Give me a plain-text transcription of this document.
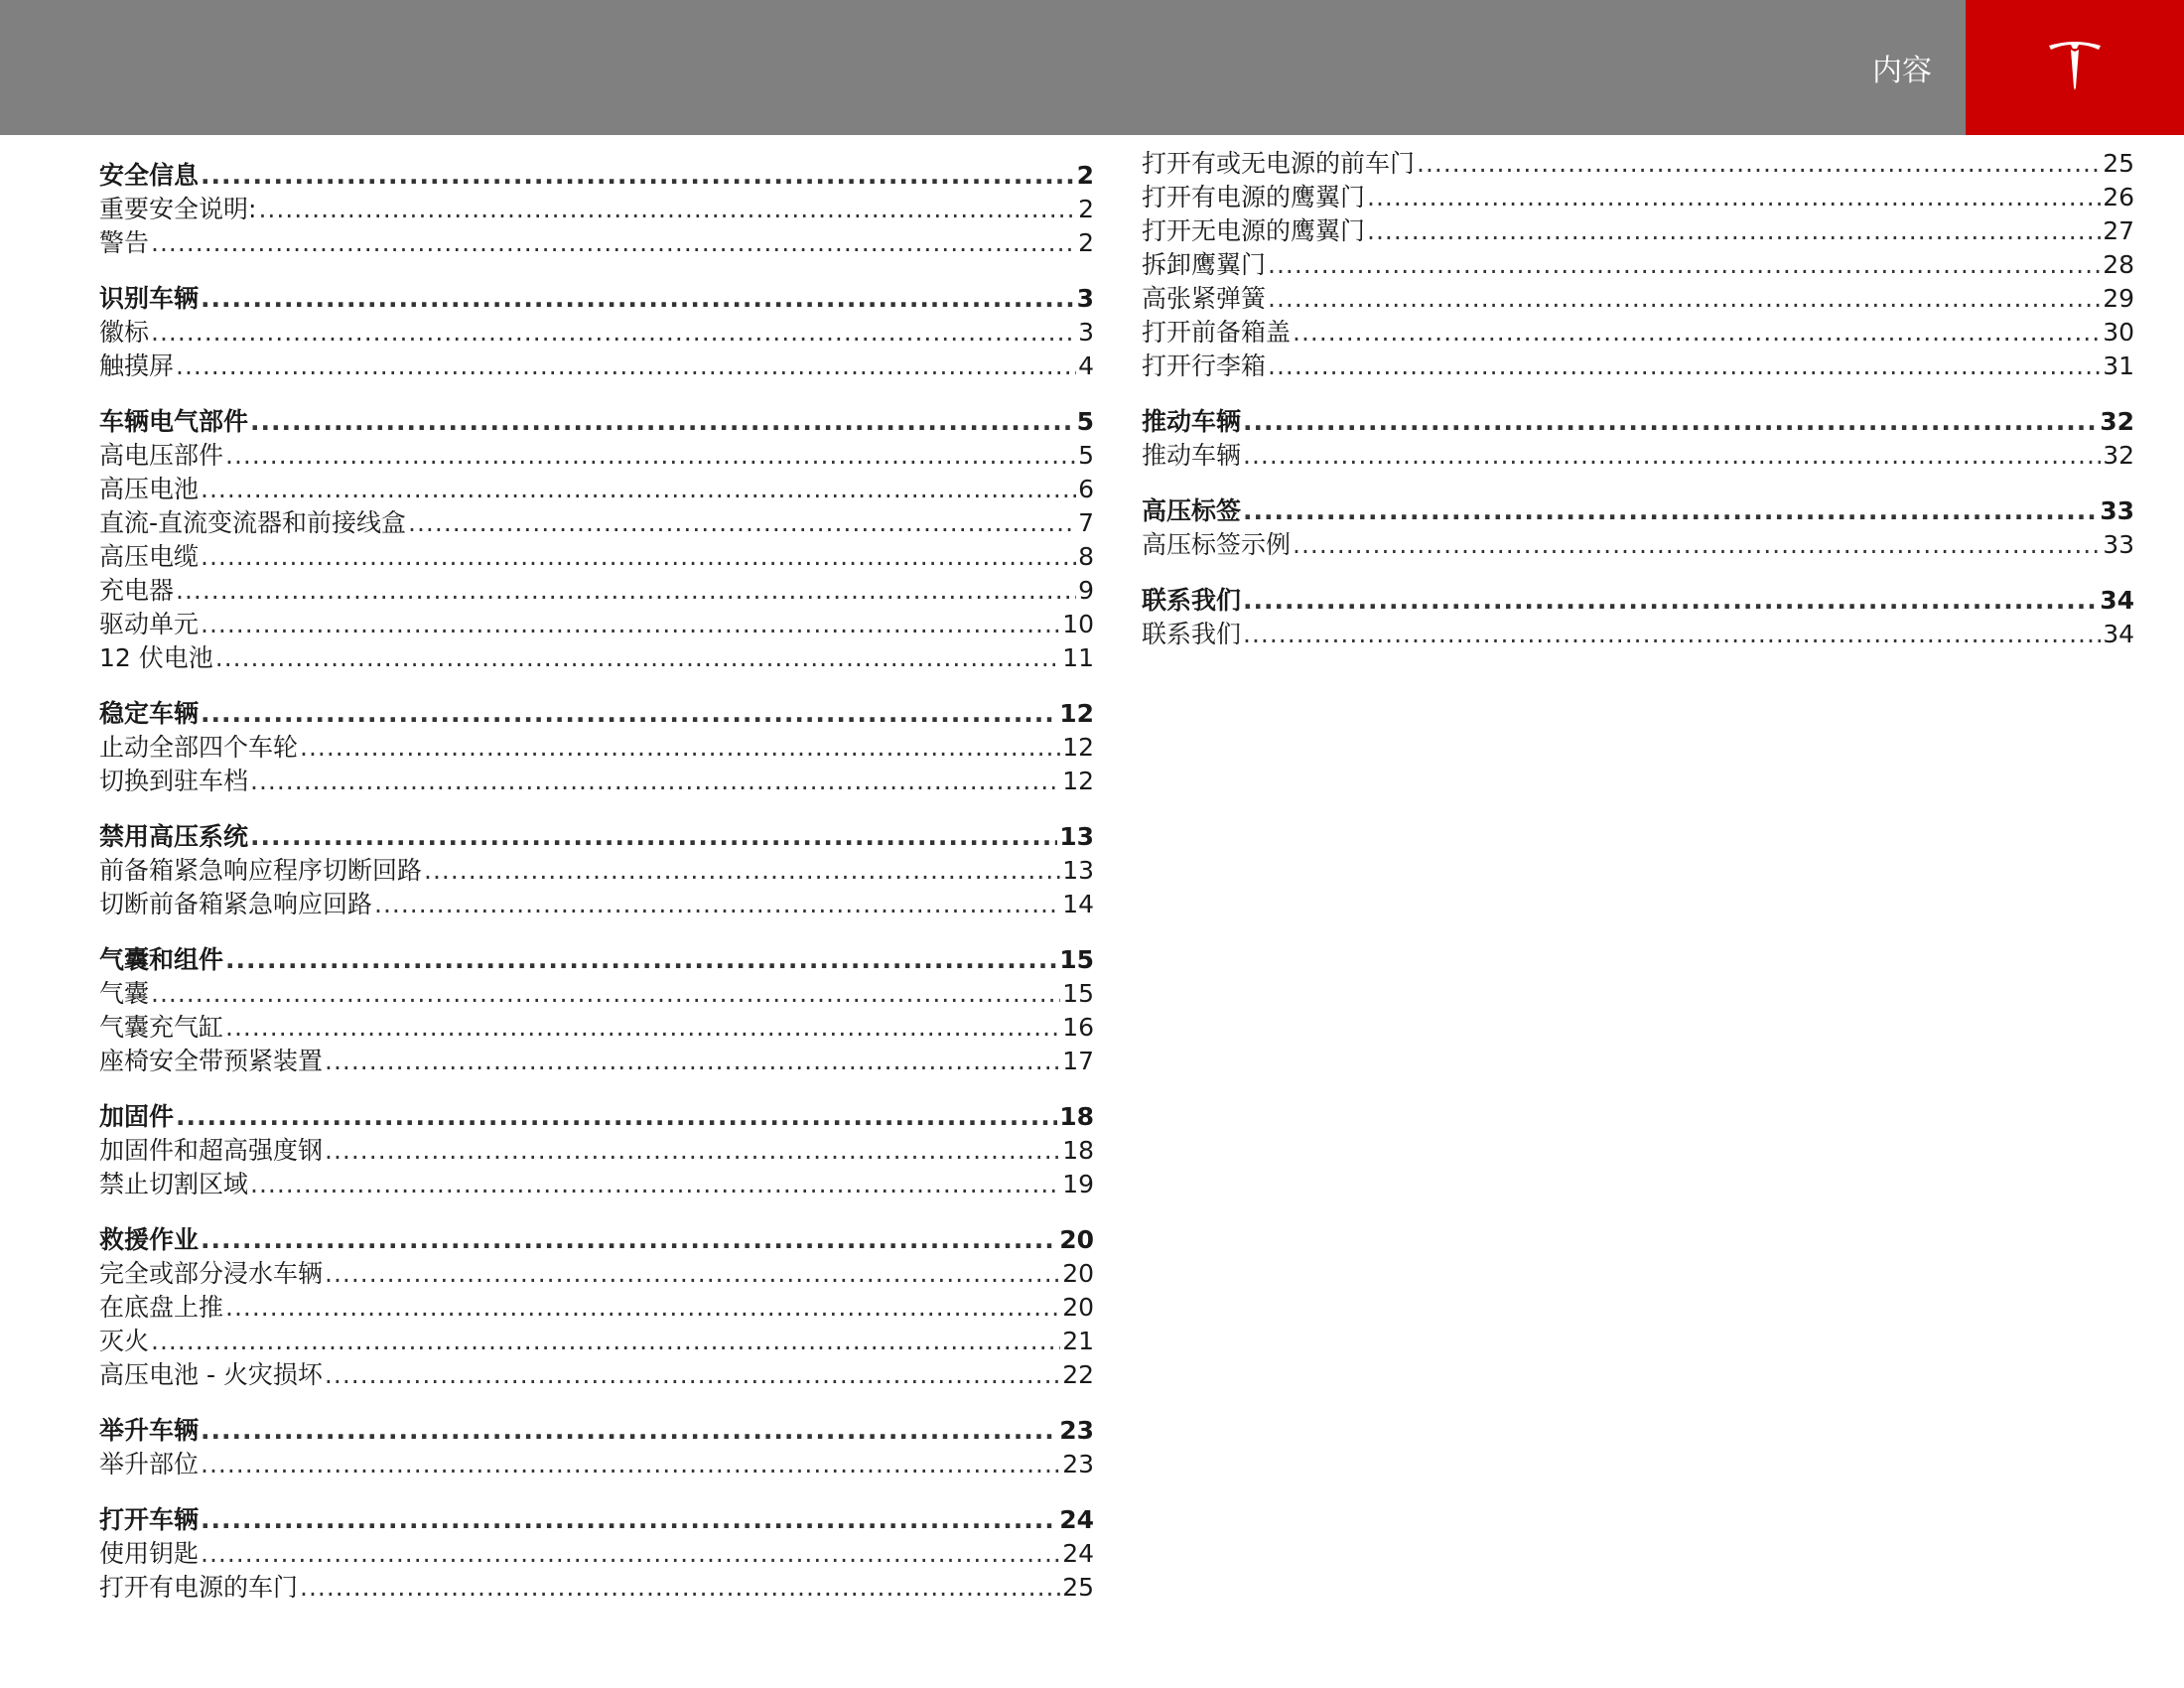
内容
安全信息 .....	2
重要安全说明: .....	2
警告 .....	2
识别车辆 .....	3
徽标 .....	3
触摸屏 .....	4
车辆电气部件 .....	5
高电压部件 .....	5
高压电池 .....	6
直流-直流变流器和前接线盒 .....	7
高压电缆 .....	8
充电器 .....	9
驱动单元 .....	10
12 伏电池 .....	11
稳定车辆 .....	12
止动全部四个车轮 .....	12
切换到驻车档 .....	12
禁用高压系统 .....	13
前备箱紧急响应程序切断回路 .....	13
切断前备箱紧急响应回路 .....	14
气囊和组件 .....	15
气囊 .....	15
气囊充气缸 .....	16
座椅安全带预紧装置 .....	17
加固件 .....	18
加固件和超高强度钢 .....	18
禁止切割区域 .....	19
救援作业 .....	20
完全或部分浸水车辆 .....	20
在底盘上推 .....	20
灭火 .....	21
高压电池 - 火灾损坏 .....	22
举升车辆 .....	23
举升部位 .....	23
打开车辆 .....	24
使用钥匙 .....	24
打开有电源的车门 .....	25
打开有或无电源的前车门 .....	25
打开有电源的鹰翼门 .....	26
打开无电源的鹰翼门 .....	27
拆卸鹰翼门 .....	28
高张紧弹簧 .....	29
打开前备箱盖 .....	30
打开行李箱 .....	31
推动车辆 .....	32
推动车辆 .....	32
高压标签 .....	33
高压标签示例 .....	33
联系我们 .....	34
联系我们 .....	34
